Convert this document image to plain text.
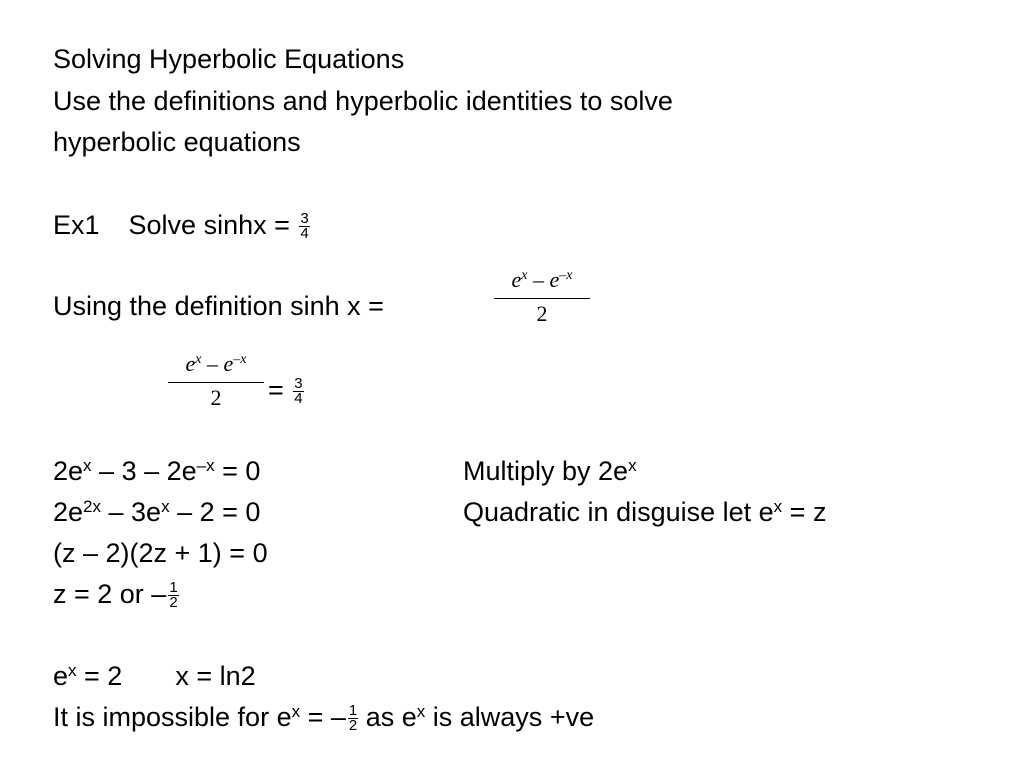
Solving Hyperbolic Equations
Use the definitions and hyperbolic identities to solve
hyperbolic equations
Ex1 Solve $\sinh x = \frac{3}{4}$
Using the definition sinh x =	$\frac{e^x - e^{-x}}{2}$
$\frac{e^x - e^{-x}}{2} = \frac{3}{4}$
$2e^x - 3 - 2e^{-x} = 0$	Multiply by $2e^x$
$2e^{2x} - 3e^x - 2 = 0$	Quadratic in disguise let $e^x = z$
(z – 2)(2z + 1) = 0
z = 2 or – $\frac{1}{2}$
$e^x = 2$ x = ln2
It is impossible for $e^x$ = – $\frac{1}{2}$ as $e^x$ is always +ve
